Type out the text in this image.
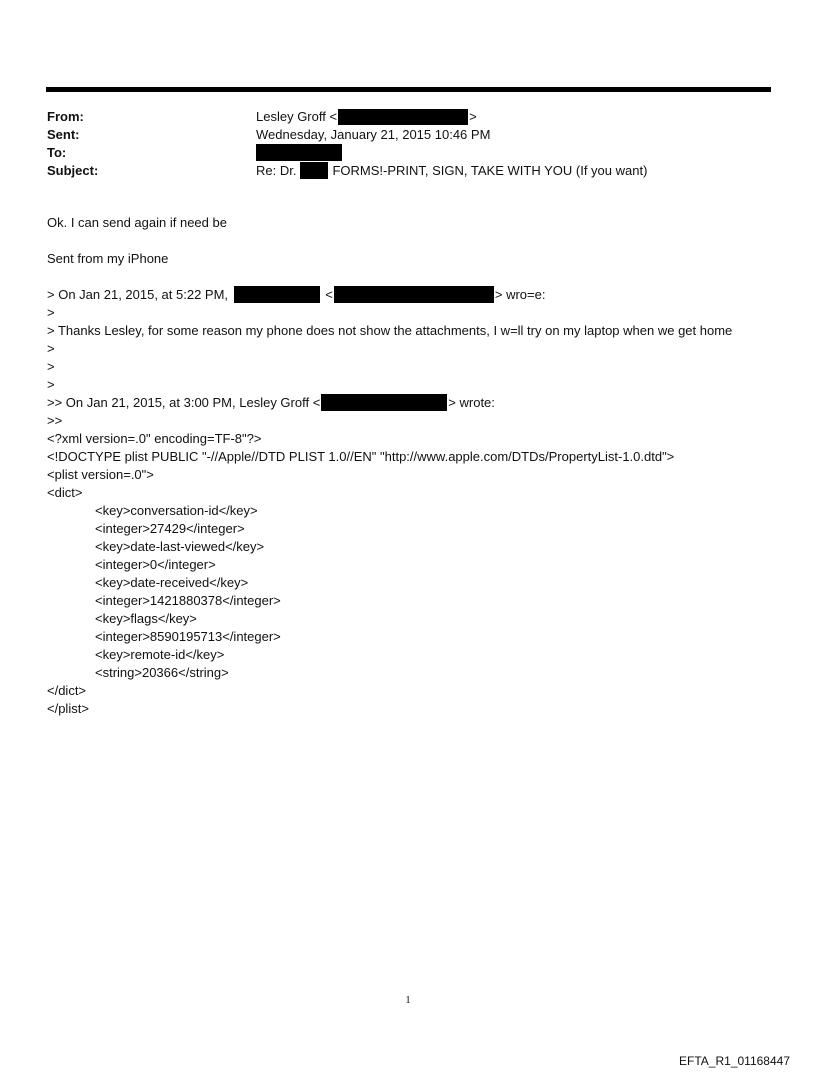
From:	Lesley Groff <	>
Sent:	Wednesday, January 21, 2015 10:46 PM
To:
Subject:	Re: Dr.	FORMS!-PRINT, SIGN, TAKE WITH YOU (If you want)
Ok. I can send again if need be
Sent from my iPhone
> On Jan 21, 2015, at 5:22 PM,	<	> wro=e:
>
> Thanks Lesley, for some reason my phone does not show the attachments, I w=ll try on my laptop when we get home
>
>
>
>> On Jan 21, 2015, at 3:00 PM, Lesley Groff <	> wrote:
>>
<?xml version=.0" encoding=TF-8"?>
<!DOCTYPE plist PUBLIC "-//Apple//DTD PLIST 1.0//EN" "http://www.apple.com/DTDs/PropertyList-1.0.dtd">
<plist version=.0">
<dict>
<key>conversation-id</key>
<integer>27429</integer>
<key>date-last-viewed</key>
<integer>0</integer>
<key>date-received</key>
<integer>1421880378</integer>
<key>flags</key>
<integer>8590195713</integer>
<key>remote-id</key>
<string>20366</string>
</dict>
</plist>
1
EFTA_R1_01168447
